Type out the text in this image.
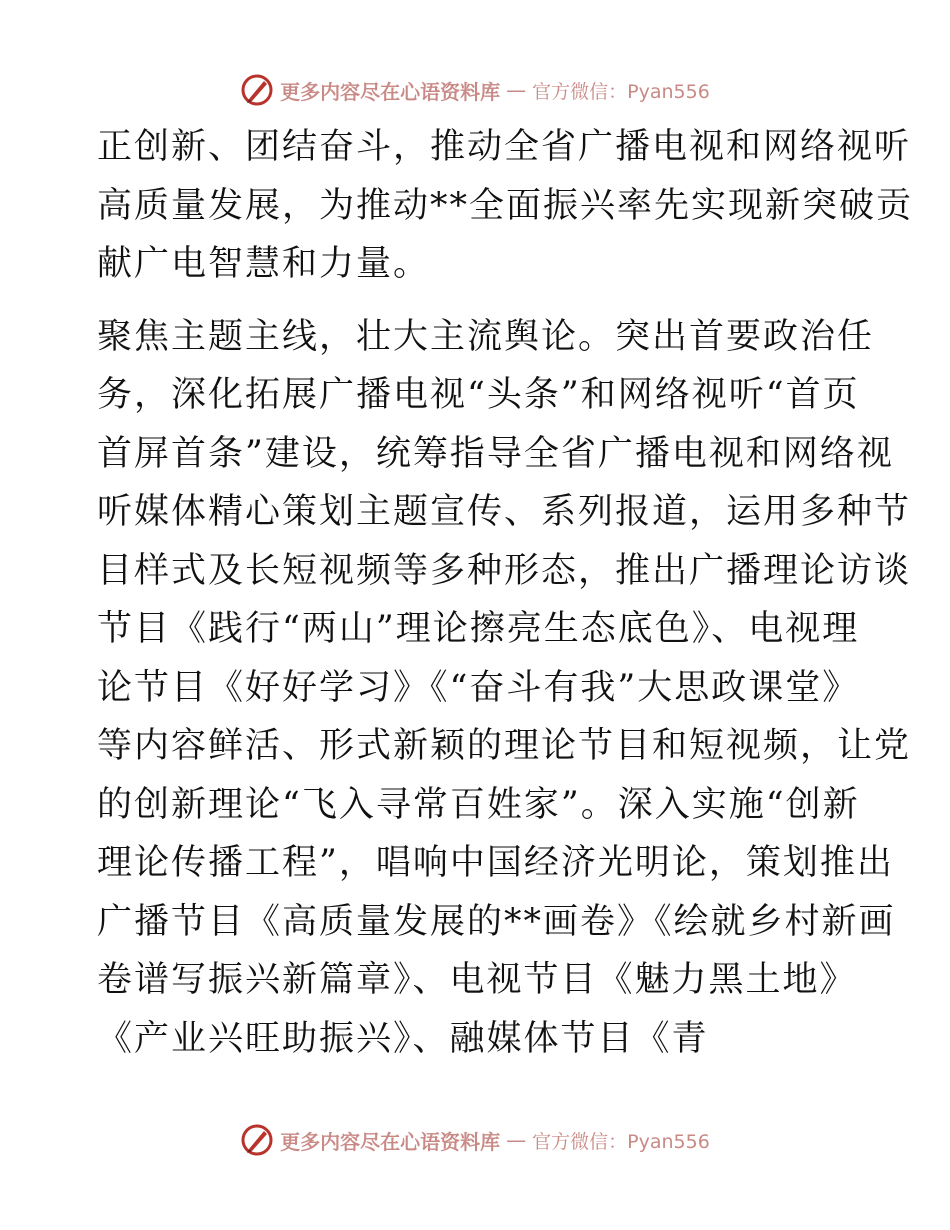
更多内容尽在心语资料库 — 官方微信：Pyan556

正创新、团结奋斗，推动全省广播电视和网络视听
高质量发展，为推动**全面振兴率先实现新突破贡
献广电智慧和力量。

聚焦主题主线，壮大主流舆论。突出首要政治任
务，深化拓展广播电视“头条”和网络视听“首页
首屏首条”建设，统筹指导全省广播电视和网络视
听媒体精心策划主题宣传、系列报道，运用多种节
目样式及长短视频等多种形态，推出广播理论访谈
节目《践行“两山”理论擦亮生态底色》、电视理
论节目《好好学习》《“奋斗有我”大思政课堂》
等内容鲜活、形式新颖的理论节目和短视频，让党
的创新理论“飞入寻常百姓家”。深入实施“创新
理论传播工程”，唱响中国经济光明论，策划推出
广播节目《高质量发展的**画卷》《绘就乡村新画
卷谱写振兴新篇章》、电视节目《魅力黑土地》
《产业兴旺助振兴》、融媒体节目《青

更多内容尽在心语资料库 — 官方微信：Pyan556
